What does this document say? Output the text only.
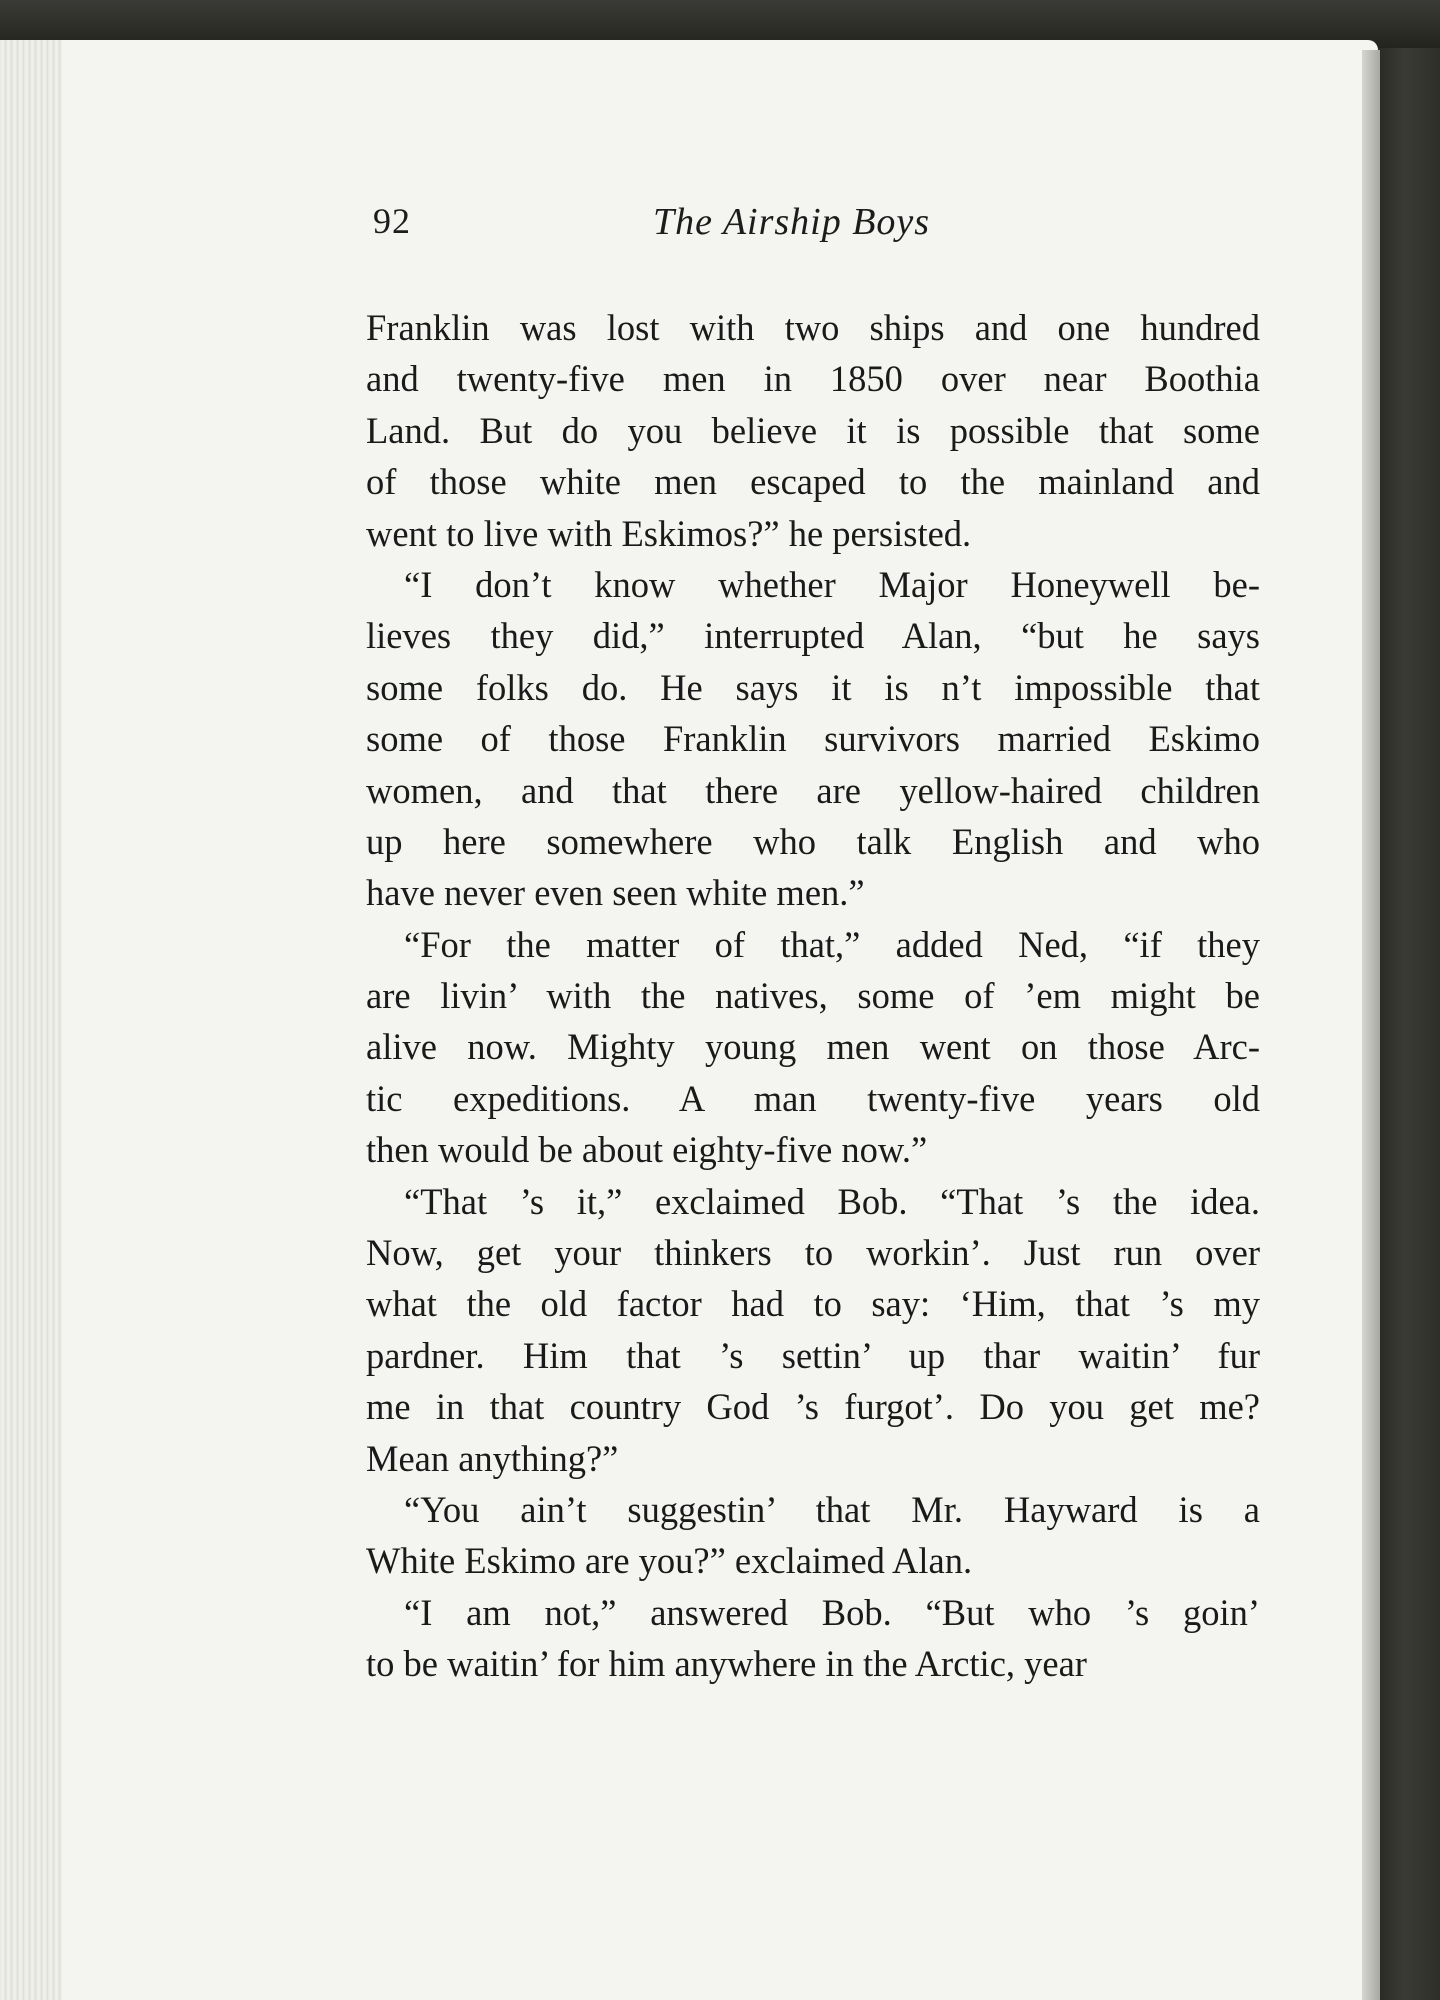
92	The Airship Boys

Franklin was lost with two ships and one hundred
and twenty-five men in 1850 over near Boothia
Land. But do you believe it is possible that some
of those white men escaped to the mainland and
went to live with Eskimos?” he persisted.

“I don’t know whether Major Honeywell be-
lieves they did,” interrupted Alan, “but he says
some folks do. He says it is n’t impossible that
some of those Franklin survivors married Eskimo
women, and that there are yellow-haired children
up here somewhere who talk English and who
have never even seen white men.”

“For the matter of that,” added Ned, “if they
are livin’ with the natives, some of ’em might be
alive now. Mighty young men went on those Arc-
tic expeditions. A man twenty-five years old
then would be about eighty-five now.”

“That ’s it,” exclaimed Bob. “That ’s the idea.
Now, get your thinkers to workin’. Just run over
what the old factor had to say: ‘Him, that ’s my
pardner. Him that ’s settin’ up thar waitin’ fur
me in that country God ’s furgot’. Do you get me?
Mean anything?”

“You ain’t suggestin’ that Mr. Hayward is a
White Eskimo are you?” exclaimed Alan.

“I am not,” answered Bob. “But who ’s goin’
to be waitin’ for him anywhere in the Arctic, year
